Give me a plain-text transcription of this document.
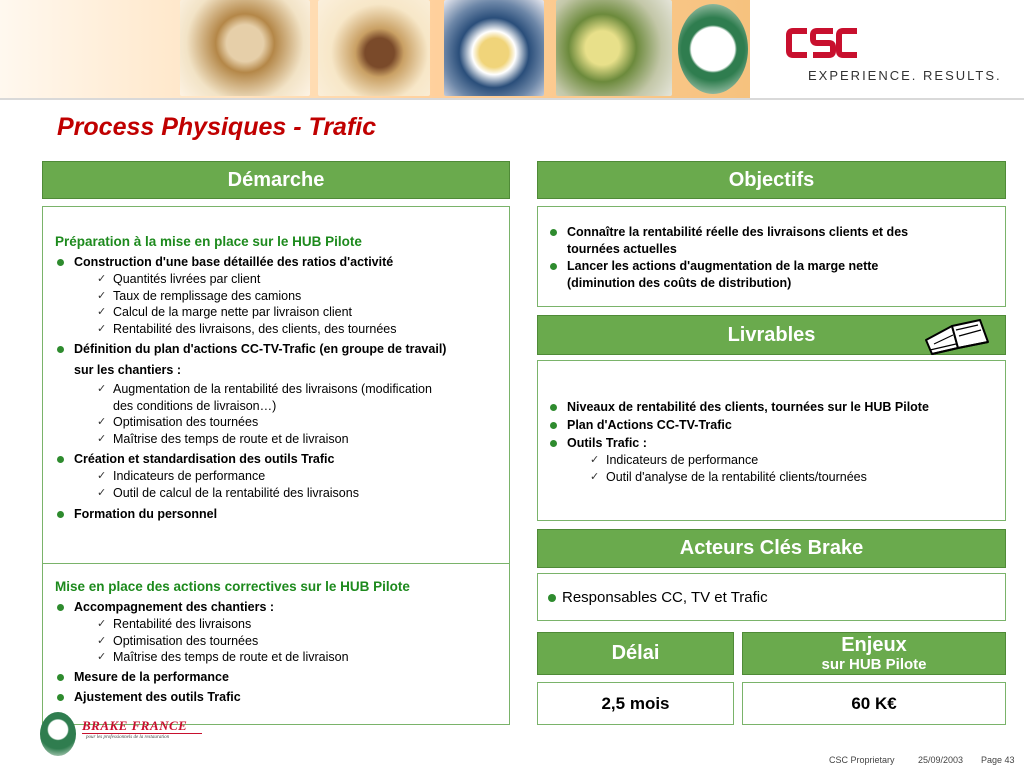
EXPERIENCE. RESULTS.
Process Physiques - Trafic
Démarche
Préparation à la mise en place sur le HUB Pilote
Construction d'une base détaillée des ratios d'activité
✓ Quantités livrées par client
✓ Taux de remplissage des camions
✓ Calcul de la marge nette par livraison client
✓ Rentabilité des livraisons, des clients, des tournées
Définition du plan d'actions CC-TV-Trafic (en groupe de travail)
sur les chantiers :
✓ Augmentation de la rentabilité des livraisons (modification
des conditions de livraison…)
✓ Optimisation des tournées
✓ Maîtrise des temps de route et de livraison
Création et standardisation des outils Trafic
✓ Indicateurs de performance
✓ Outil de calcul de la rentabilité des livraisons
Formation du personnel
Mise en place des actions correctives sur le HUB Pilote
Accompagnement des chantiers :
✓ Rentabilité des livraisons
✓ Optimisation des tournées
✓ Maîtrise des temps de route et de livraison
Mesure de la performance
Ajustement des outils Trafic
Objectifs
Connaître la rentabilité réelle des livraisons clients et des
tournées actuelles
Lancer les actions d'augmentation de la marge nette
(diminution des coûts de distribution)
Livrables
Niveaux de rentabilité des clients, tournées sur le HUB Pilote
Plan d'Actions CC-TV-Trafic
Outils Trafic :
✓ Indicateurs de performance
✓ Outil d'analyse de la rentabilité clients/tournées
Acteurs Clés Brake
Responsables CC, TV et Trafic
Délai
2,5 mois
Enjeux
sur HUB Pilote
60 K€
BRAKE FRANCE
pour les professionnels de la restauration
CSC Proprietary	25/09/2003 Page 43
